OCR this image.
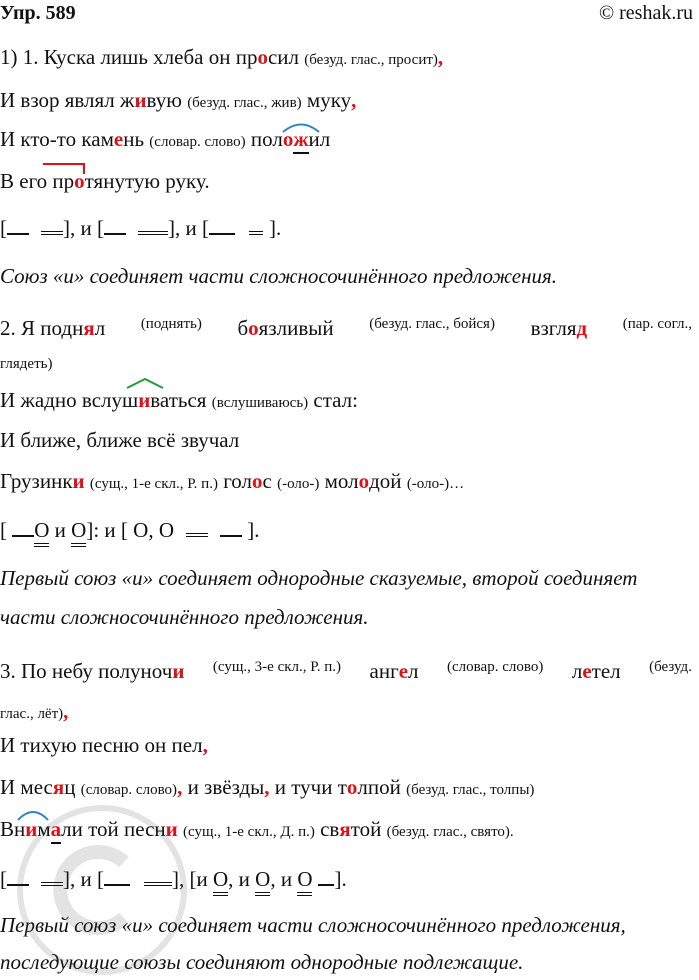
Упр. 589	© reshak.ru
1) 1. Куска лишь хлеба он просил (безуд. глас., просит),
И взор являл живую (безуд. глас., жив) муку,
И кто-то камень (словар. слово) пол
ожил
В его пр
отянутую руку.
[	], и [	], и [	].
Союз «и» соединяет части сложносочинённого предложения.
2. Я поднял (поднять) боязливый (безуд. глас., бойся) взгляд (пар. согл.,
глядеть)
И жадно вслуш
иваться (вслушиваюсь) стал:
И ближе, ближе всё звучал
Грузинки (сущ., 1-е скл., Р. п.) голос (-оло-) молодой (-оло-)…
[ О и О]: и [ О, О	].
Первый союз «и» соединяет однородные сказуемые, второй соединяет
части сложносочинённого предложения.
3. По небу полуночи (сущ., 3-е скл., Р. п.) ангел (словар. слово) летел (безуд.
глас., лёт),
И тихую песню он пел,
И месяц (словар. слово), и звёзды, и тучи толпой (безуд. глас., толпы)
Внимали той песни (сущ., 1-е скл., Д. п.) святой (безуд. глас., свято).
[	], и [	], [и О, и О, и О ].
Первый союз «и» соединяет части сложносочинённого предложения,
последующие союзы соединяют однородные подлежащие.
